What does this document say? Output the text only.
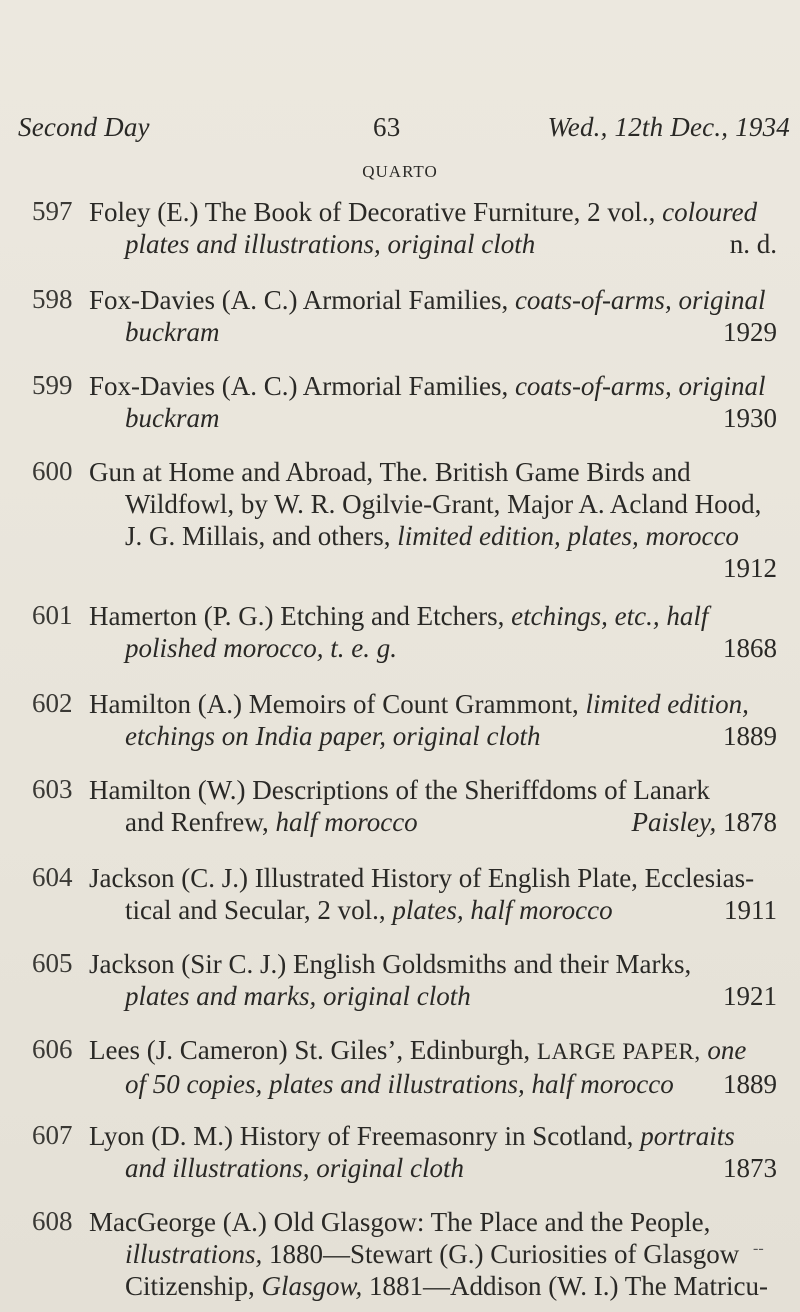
Second Day	63	Wed., 12th Dec., 1934
QUARTO
597 Foley (E.) The Book of Decorative Furniture, 2 vol., coloured
plates and illustrations, original cloth	n. d.
598 Fox-Davies (A. C.) Armorial Families, coats-of-arms, original
buckram	1929
599 Fox-Davies (A. C.) Armorial Families, coats-of-arms, original
buckram	1930
600 Gun at Home and Abroad, The. British Game Birds and
Wildfowl, by W. R. Ogilvie-Grant, Major A. Acland Hood,
J. G. Millais, and others, limited edition, plates, morocco
1912

601 Hamerton (P. G.) Etching and Etchers, etchings, etc., half
polished morocco, t. e. g.	1868
602 Hamilton (A.) Memoirs of Count Grammont, limited edition,
etchings on India paper, original cloth	1889
603 Hamilton (W.) Descriptions of the Sheriffdoms of Lanark
and Renfrew, half morocco	Paisley, 1878
604 Jackson (C. J.) Illustrated History of English Plate, Ecclesias-
tical and Secular, 2 vol., plates, half morocco	1911
605 Jackson (Sir C. J.) English Goldsmiths and their Marks,
plates and marks, original cloth	1921
606 Lees (J. Cameron) St. Giles’, Edinburgh, LARGE PAPER, one
of 50 copies, plates and illustrations, half morocco 1889
607 Lyon (D. M.) History of Freemasonry in Scotland, portraits
and illustrations, original cloth	1873
608 MacGeorge (A.) Old Glasgow: The Place and the People,
illustrations, 1880—Stewart (G.) Curiosities of Glasgow
Citizenship, Glasgow, 1881—Addison (W. I.) The Matricu-
-‐
